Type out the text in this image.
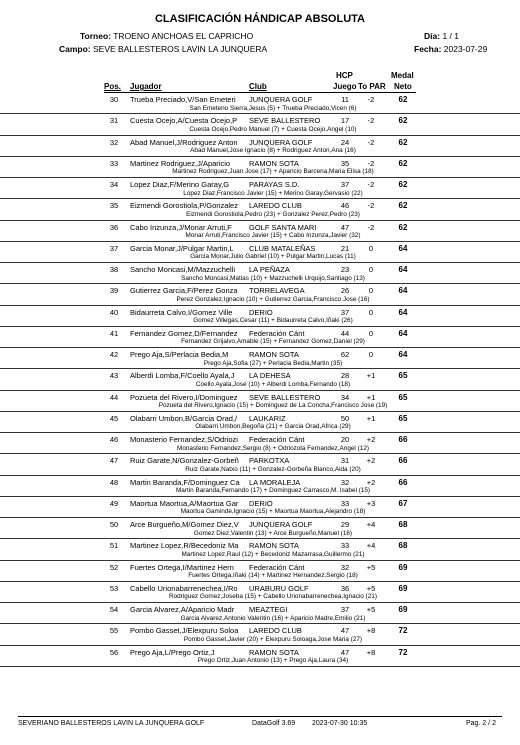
CLASIFICACIÓN HÁNDICAP ABSOLUTA
Torneo: TROENO ANCHOAS EL CAPRICHO
Campo: SEVE BALLESTEROS LAVIN LA JUNQUERA
Día: 1 / 1
Fecha: 2023-07-29
Pos. Jugador	Club
HCP
Juego To PAR
Medal
Neto
30	Trueba Preciado,V/San Emeteri	JUNQUERA GOLF	11	-2	62
San Emeterio Sierra,Jesus (5) + Trueba Preciado,Vicen (6)
31	Cuesta Ocejo,A/Cuesta Ocejo,P	SEVE BALLESTERO	17	-2	62
Cuesta Ocejo,Pedro Manuel (7) + Cuesta Ocejo,Angel (10)
32	Abad Manuel,J/Rodriguez Anton	JUNQUERA GOLF	24	-2	62
Abad Manuel,Jose Ignacio (8) + Rodriguez Anton,Ana (16)
33	Martinez Rodriguez,J/Aparicio	RAMON SOTA	35	-2	62
Martinez Rodriguez,Juan Jose (17) + Aparicio Barcena,Maria Elisa (18)
34	Lopez Diaz,F/Merino Garay,G	PARAYAS S.D.	37	-2	62
Lopez Diaz,Francisco Javier (15) + Merino Garay,Gervasio (22)
35	Eizmendi Gorostiola,P/Gonzalez	LAREDO CLUB	46	-2	62
Eizmendi Gorostiola,Pedro (23) + Gonzalez Perez,Pedro (23)
36	Cabo Inzunza,J/Monar Arruti,F	GOLF SANTA MARI	47	-2	62
Monar Arruti,Francisco Javier (15) + Cabo Inzunza,Javier (32)
37	Garcia Monar,J/Pulgar Martin,L	CLUB MATALEÑAS	21	0	64
Garcia Monar,Julio Gabriel (10) + Pulgar Martin,Lucas (11)
38	Sancho Moncasi,M/Mazzuchelli	LA PEÑAZA	23	0	64
Sancho Moncasi,Matias (10) + Mazzuchelli Urquijo,Santiago (13)
39	Gutierrez Garcia,F/Perez Gonza	TORRELAVEGA	26	0	64
Perez Gonzalez,Ignacio (10) + Gutierrez Garcia,Francisco Jose (16)
40	Bidaurreta Calvo,I/Gomez Ville	DERIO	37	0	64
Gomez Villegas,Cesar (11) + Bidaurreta Calvo,Iñaki (26)
41	Fernandez Gomez,D/Fernandez	Federación Cánt	44	0	64
Fernandez Grijalvo,Amable (15) + Fernandez Gomez,Daniel (29)
42	Prego Aja,S/Perlacia Bedia,M	RAMON SOTA	62	0	64
Prego Aja,Sofia (27) + Perlacia Bedia,Martin (35)
43	Alberdi Lomba,F/Coello Ayala,J	LA DEHESA	28	+1	65
Coello Ayala,Jose (10) + Alberdi Lomba,Fernando (18)
44	Pozueta del Rivero,I/Dominguez	SEVE BALLESTERO	34	+1	65
Pozueta del Rivero,Ignacio (15) + Dominguez de La Concha,Francisco Jose (19)
45	Olabarri Umbon,B/Garcia Orad,/	LAUKARIZ	50	+1	65
Olabarri Umbon,Begoña (21) + Garcia Orad,Africa (29)
46	Monasterio Fernandez,S/Odriozi	Federación Cánt	20	+2	66
Monasterio Fernandez,Sergio (8) + Odriozola Fernandez,Angel (12)
47	Ruiz Garate,N/Gonzalez-Gorbeñ	PARKOTXA	31	+2	66
Ruiz Garate,Natxo (11) + Gonzalez-Gorbeña Blanco,Aida (20)
48	Martin Baranda,F/Dominguez Ca	LA MORALEJA	32	+2	66
Martin Baranda,Fernando (17) + Dominguez Carrasco,M. Isabel (15)
49	Maortua Maortua,A/Maortua Gar	DERIO	33	+3	67
Maortua Gaminde,Ignacio (15) + Maortua Maortua,Alejandro (18)
50	Arce Burgueño,M/Gomez Diez,V	JUNQUERA GOLF	29	+4	68
Gomez Diez,Valentin (13) + Arce Burgueño,Manuel (16)
51	Martinez Lopez,R/Becedoniz Ma	RAMON SOTA	33	+4	68
Martinez Lopez,Raul (12) + Becedoniz Mazarrasa,Guillermo (21)
52	Fuertes Ortega,I/Martinez Hern	Federación Cánt	32	+5	69
Fuertes Ortega,Iñaki (14) + Martinez Hernandez,Sergio (18)
53	Cabello Urionabarrenechea,I/Ro	URABURU GOLF	36	+5	69
Rodriguez Gomez,Joseba (15) + Cabello Urionabarrenechea,Ignacio (21)
54	Garcia Alvarez,A/Aparicio Madr	MEAZTEGI	37	+5	69
Garcia Alvarez,Antonio Valentin (16) + Aparicio Madre,Emilio (21)
55	Pombo Gasset,J/Elexpuru Soloa	LAREDO CLUB	47	+8	72
Pombo Gasset,Javier (20) + Elexpuru Soloaga,Jose Maria (27)
56	Prego Aja,L/Prego Ortiz,J	RAMON SOTA	47	+8	72
Prego Ortiz,Juan Antonio (13) + Prego Aja,Laura (34)
SEVERIANO BALLESTEROS LAVIN LA JUNQUERA GOLF	DataGolf 3.69 2023-07-30 10:35	Pag. 2 / 2
